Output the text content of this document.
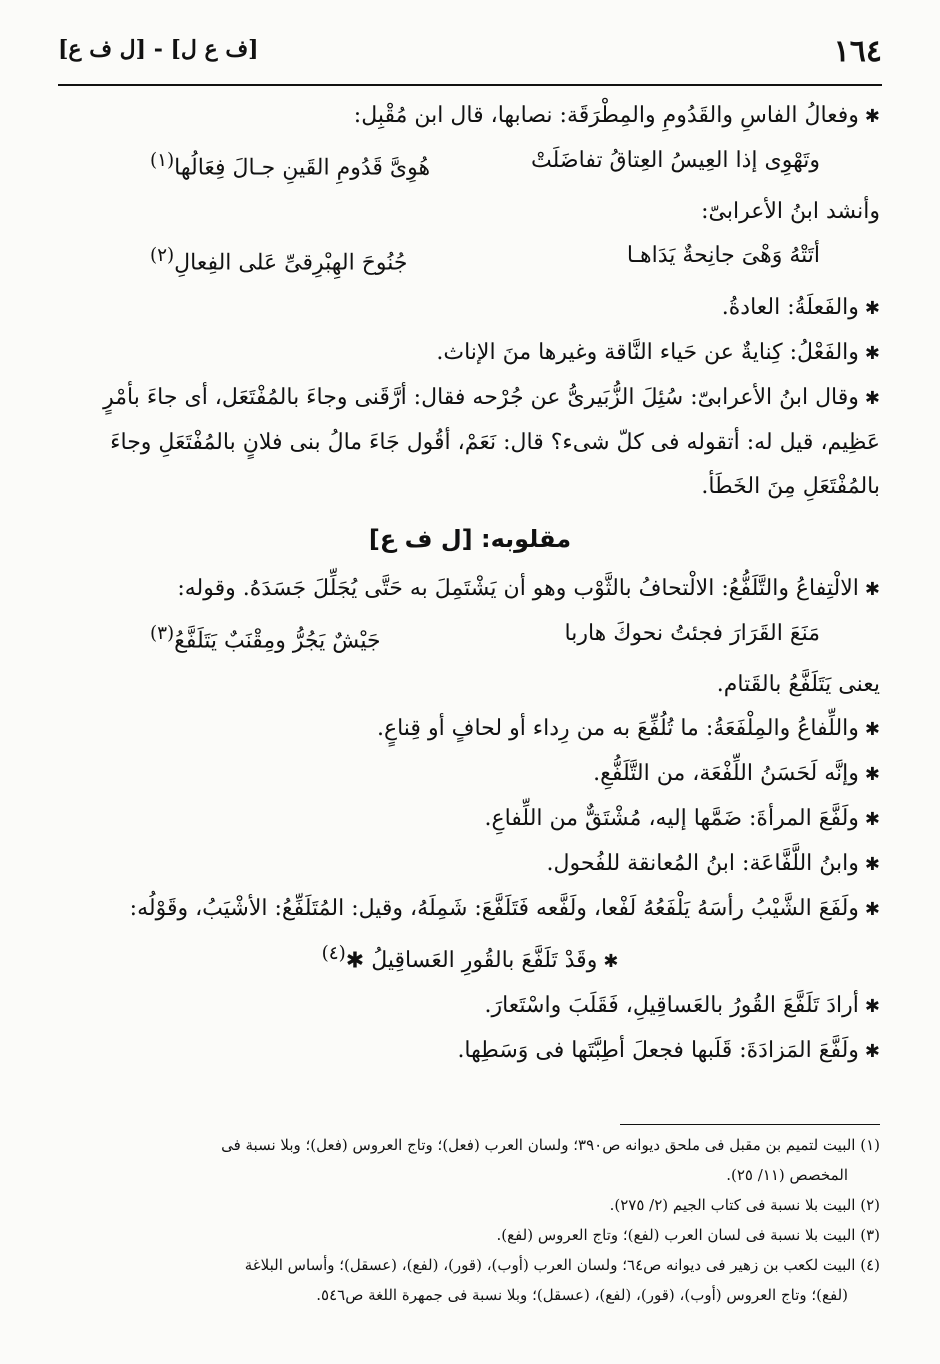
١٦٤
[ف ع ل] - [ل ف ع]

✱ وفعالُ الفاسِ والقَدُومِ والمِطْرَقَة: نصابها، قال ابن مُقْبِل:

وتَهْوِى إذا العِيسُ العِتاقُ تفاضَلَتْ
هُوِىَّ قَدُومِ القَينِ جـالَ فِعَالُها$^{(١)}$

وأنشد ابنُ الأعرابىّ:

أتَتْهُ وَهْىَ جانِحةٌ يَدَاهـا
جُنُوحَ الهِبْرِقىِّ عَلى الفِعالِ$^{(٢)}$

✱ والفَعلَةُ: العادةُ.

✱ والفَعْلُ: كِنايةٌ عن حَياء النَّاقة وغيرها منَ الإناث.

✱ وقال ابنُ الأعرابىّ: سُئِلَ الزُّبَيرىُّ عن جُرْحه فقال: أرَّقَنى وجاءَ بالمُفْتَعَل، أى جاءَ بأمْرٍ عَظِيم، قيل له: أتقوله فى كلّ شىء؟ قال: نَعَمْ، أقُول جَاءَ مالُ بنى فلانٍ بالمُفْتَعَلِ وجاءَ بالمُفْتَعَلِ مِنَ الخَطَأ.

مقلوبه: [ل ف ع]

✱ الالْتِفاعُ والتَّلَفُّعُ: الالْتحافُ بالثَّوْب وهو أن يَشْتَمِلَ به حَتَّى يُجَلِّلَ جَسَدَهُ. وقوله:

مَنَعَ القَرَارَ فجئتُ نحوكَ هاربا
جَيْشٌ يَجُرُّ ومِقْنَبٌ يَتَلَفَّعُ$^{(٣)}$

يعنى يَتَلَفَّعُ بالقَتام.

✱ واللِّفاعُ والمِلْفَعَةُ: ما تُلُفِّعَ به من رِداء أو لحافٍ أو قِناعٍ.

✱ وإنَّه لَحَسَنُ اللِّفْعَة، من التَّلَفُّعِ.

✱ ولَفَّعَ المرأةَ: ضَمَّها إليه، مُشْتَقٌّ من اللِّفاعِ.

✱ وابنُ اللَّفَّاعَة: ابنُ المُعانقة للفُحول.

✱ ولَفَعَ الشَّيْبُ رأسَهُ يَلْفَعُهُ لَفْعا، ولَفَّعه فَتَلَفَّعَ: شَمِلَهُ، وقيل: المُتَلَفِّعُ: الأشْيَبُ، وقَوْلُه:

✱ وقَدْ تَلَفَّعَ بالقُورِ العَساقِيلُ ✱$^{(٤)}$

✱ أرادَ تَلَفَّعَ القُورُ بالعَساقِيلِ، فَقَلَبَ واسْتَعارَ.

✱ ولَفَّعَ المَزادَةَ: قَلَبها فجعلَ أطِبَّتَها فى وَسَطِها.

(١) البيت لتميم بن مقبل فى ملحق ديوانه ص٣٩٠؛ ولسان العرب (فعل)؛ وتاج العروس (فعل)؛ وبلا نسبة فى

المخصص (١١/ ٢٥).

(٢) البيت بلا نسبة فى كتاب الجيم (٢/ ٢٧٥).

(٣) البيت بلا نسبة فى لسان العرب (لفع)؛ وتاج العروس (لفع).

(٤) البيت لكعب بن زهير فى ديوانه ص٦٤؛ ولسان العرب (أوب)، (قور)، (لفع)، (عسقل)؛ وأساس البلاغة

(لفع)؛ وتاج العروس (أوب)، (قور)، (لفع)، (عسقل)؛ وبلا نسبة فى جمهرة اللغة ص٥٤٦.
